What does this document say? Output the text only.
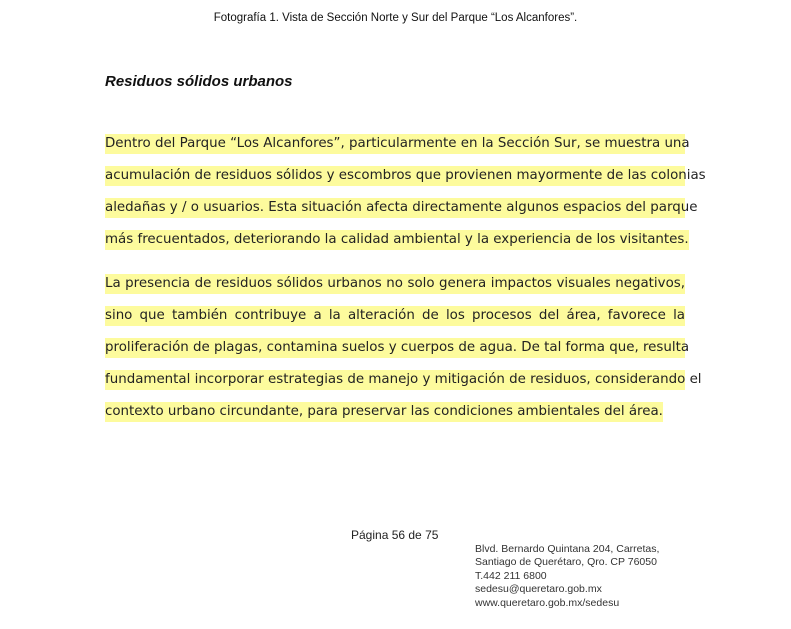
Fotografía 1. Vista de Sección Norte y Sur del Parque “Los Alcanfores”.
Residuos sólidos urbanos
Dentro del Parque “Los Alcanfores”, particularmente en la Sección Sur, se muestra una
acumulación de residuos sólidos y escombros que provienen mayormente de las colonias
aledañas y / o usuarios. Esta situación afecta directamente algunos espacios del parque
más frecuentados, deteriorando la calidad ambiental y la experiencia de los visitantes.
La presencia de residuos sólidos urbanos no solo genera impactos visuales negativos,
sino que también contribuye a la alteración de los procesos del área, favorece la
proliferación de plagas, contamina suelos y cuerpos de agua. De tal forma que, resulta
fundamental incorporar estrategias de manejo y mitigación de residuos, considerando el
contexto urbano circundante, para preservar las condiciones ambientales del área.
Página 56 de 75
Blvd. Bernardo Quintana 204, Carretas,
Santiago de Querétaro, Qro. CP 76050
T.442 211 6800
sedesu@queretaro.gob.mx
www.queretaro.gob.mx/sedesu
